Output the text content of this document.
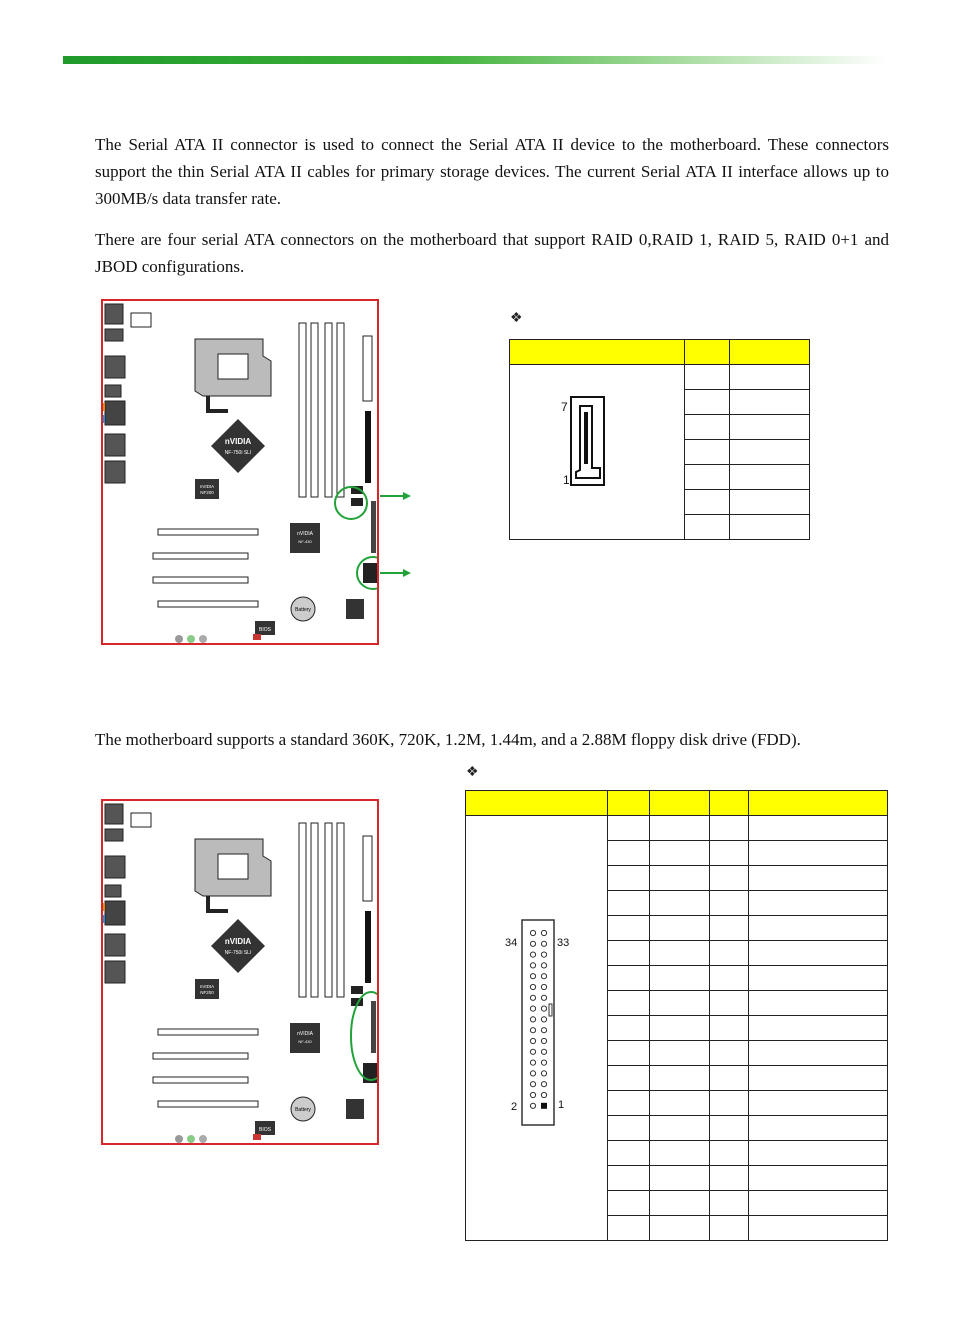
The Serial ATA II connector is used to connect the Serial ATA II device to the motherboard. These connectors support the thin Serial ATA II cables for primary storage devices. The current Serial ATA II interface allows up to 300MB/s data transfer rate.

There are four serial ATA connectors on the motherboard that support RAID 0,RAID 1, RAID 5, RAID 0+1 and JBOD configurations.

nVIDIA
NF-750i SLI
nVIDIA
NF200
nVIDIA
NF-430
Battery
BIOS
❖

7
1

The motherboard supports a standard 360K, 720K, 1.2M, 1.44m, and a 2.88M floppy disk drive (FDD).

nVIDIA
NF-750i SLI
nVIDIA
NF200
nVIDIA
NF-430
Battery
BIOS
❖

34	33
2	1
